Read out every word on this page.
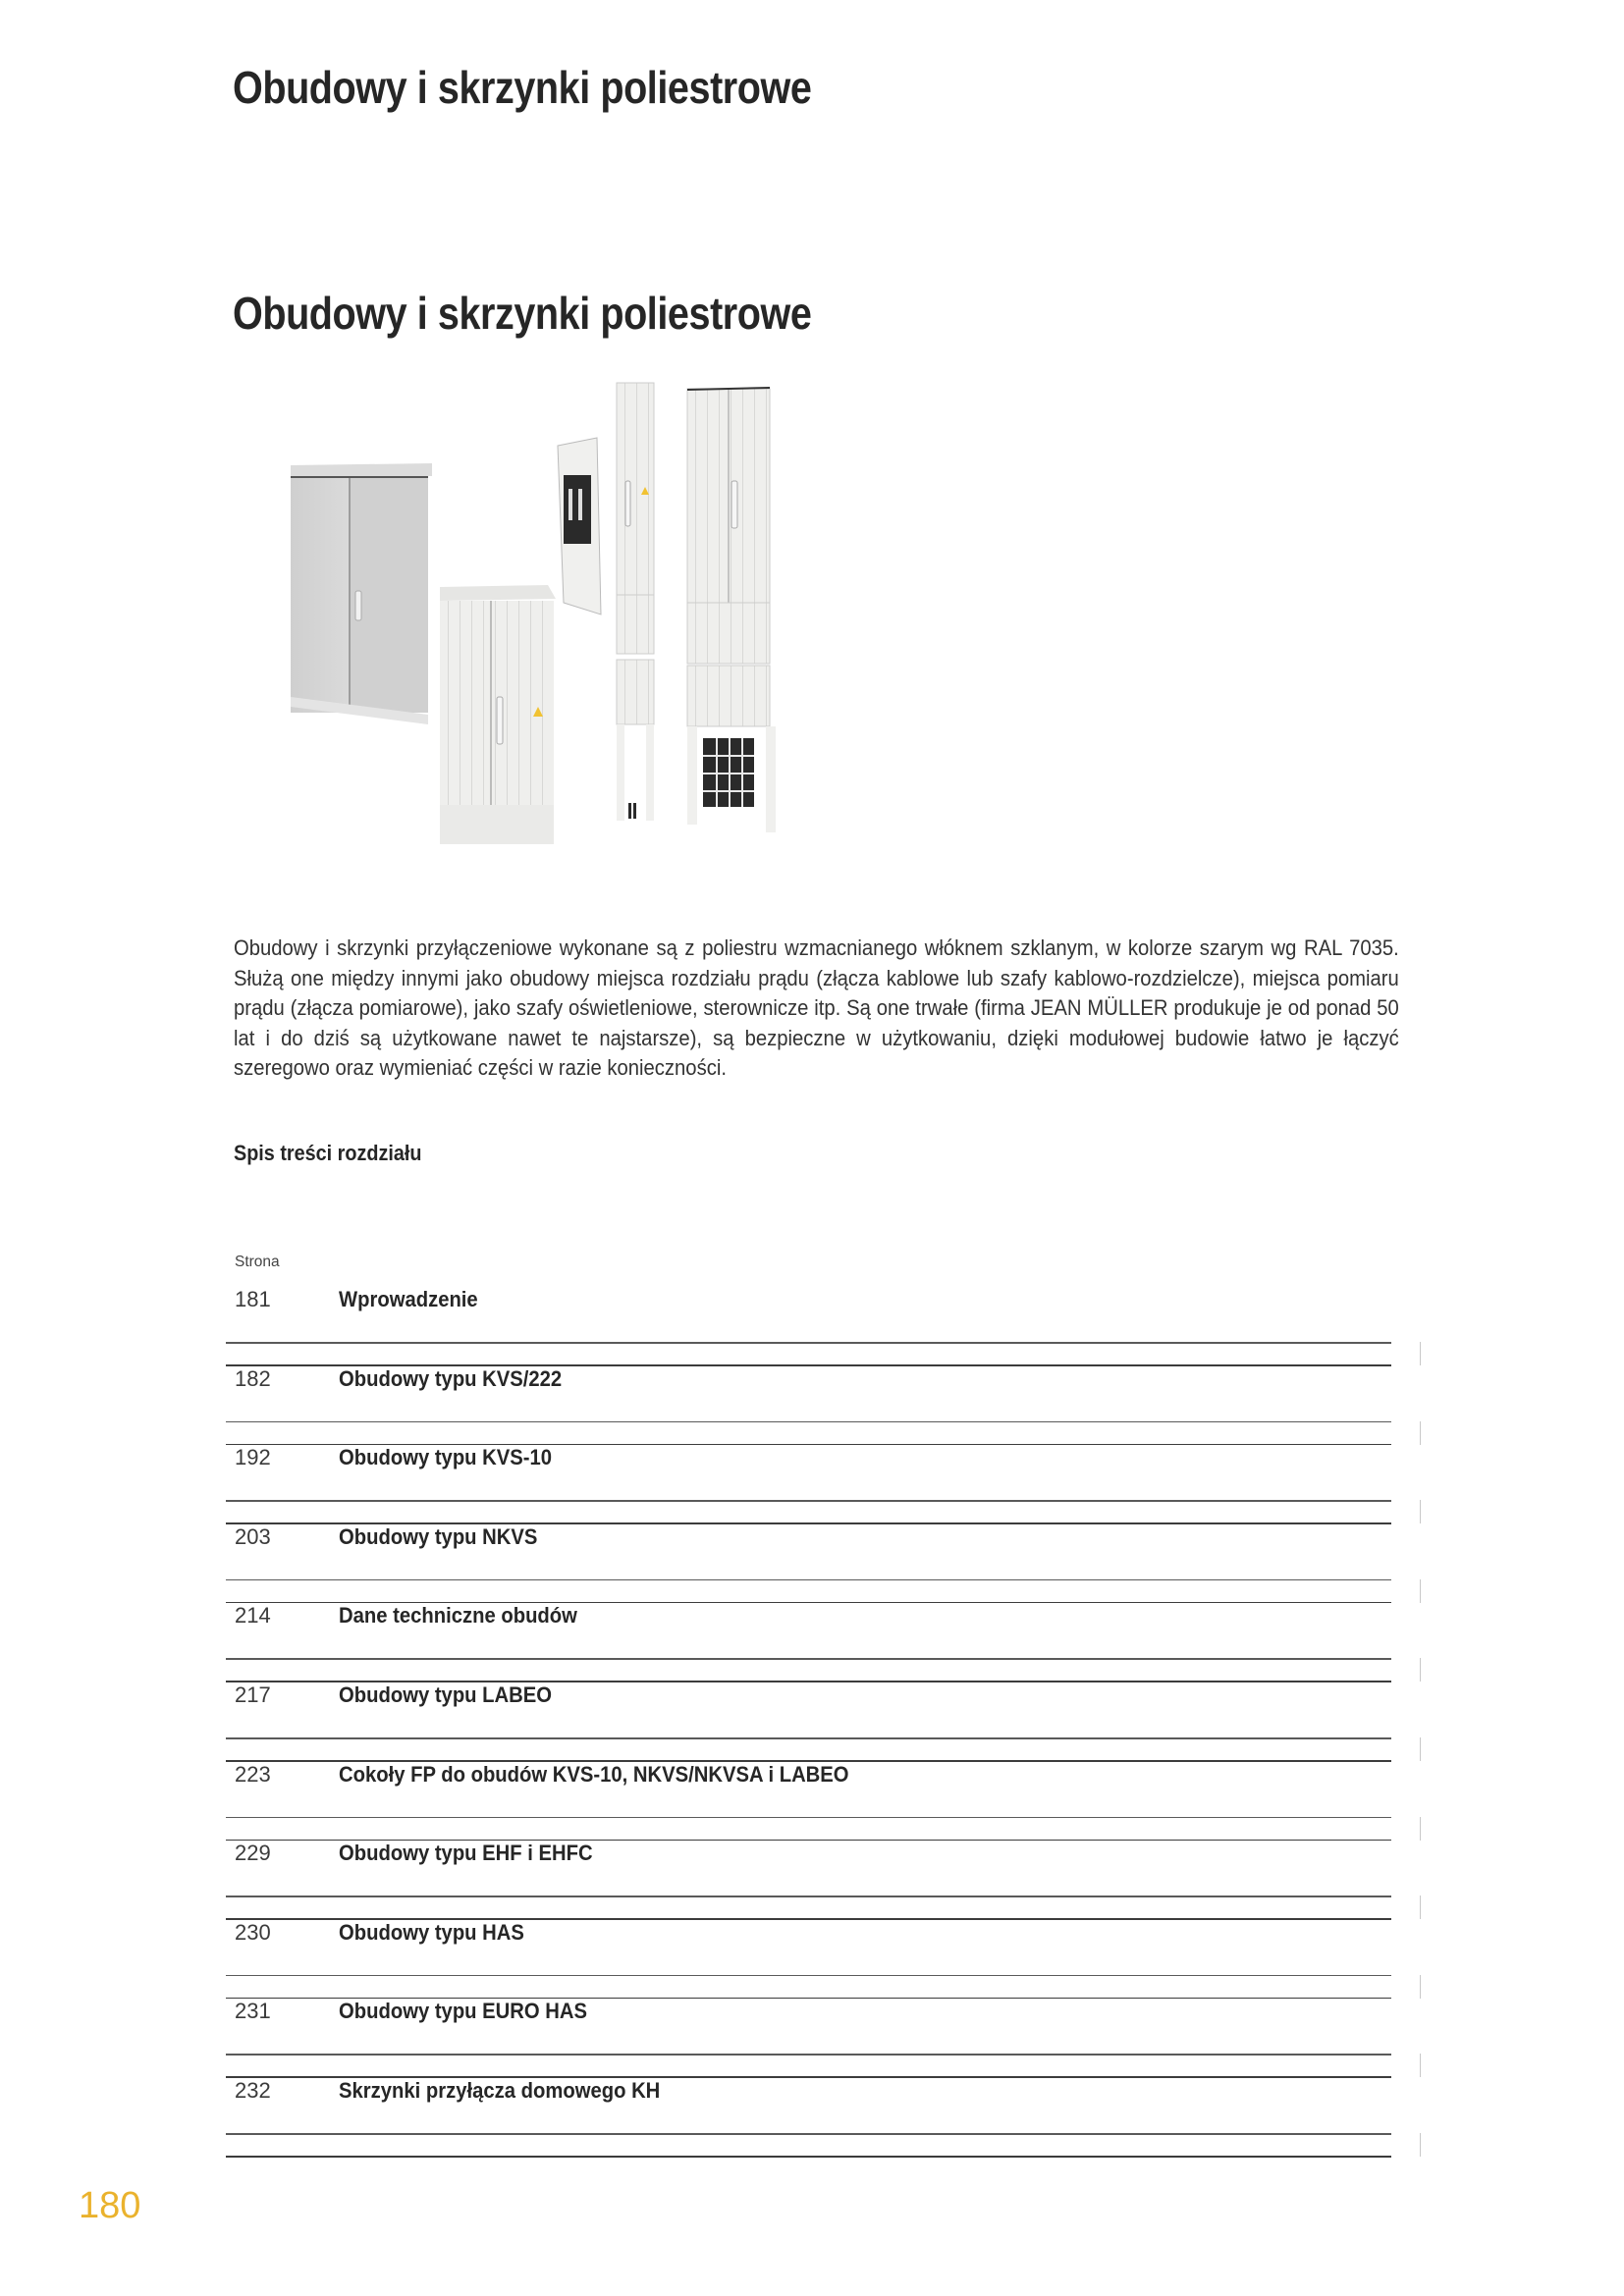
Obudowy i skrzynki poliestrowe
Obudowy i skrzynki poliestrowe
Obudowy i skrzynki przyłączeniowe wykonane są z poliestru wzmacnianego włóknem szklanym, w kolorze szarym wg RAL 7035. Służą one między innymi jako obudowy miejsca rozdziału prądu (złącza kablowe lub szafy kablowo-rozdzielcze), miejsca pomiaru prądu (złącza pomiarowe), jako szafy oświetleniowe, sterownicze itp. Są one trwałe (firma JEAN MÜLLER produkuje je od ponad 50 lat i do dziś są użytkowane nawet te najstarsze), są bezpieczne w użytkowaniu, dzięki modułowej budowie łatwo je łączyć szeregowo oraz wymieniać części w razie konieczności.
Spis treści rozdziału
Strona
181	Wprowadzenie
182	Obudowy typu KVS/222
192	Obudowy typu KVS-10
203	Obudowy typu NKVS
214	Dane techniczne obudów
217	Obudowy typu LABEO
223	Cokoły FP do obudów KVS-10, NKVS/NKVSA i LABEO
229	Obudowy typu EHF i EHFC
230	Obudowy typu HAS
231	Obudowy typu EURO HAS
232	Skrzynki przyłącza domowego KH
180
